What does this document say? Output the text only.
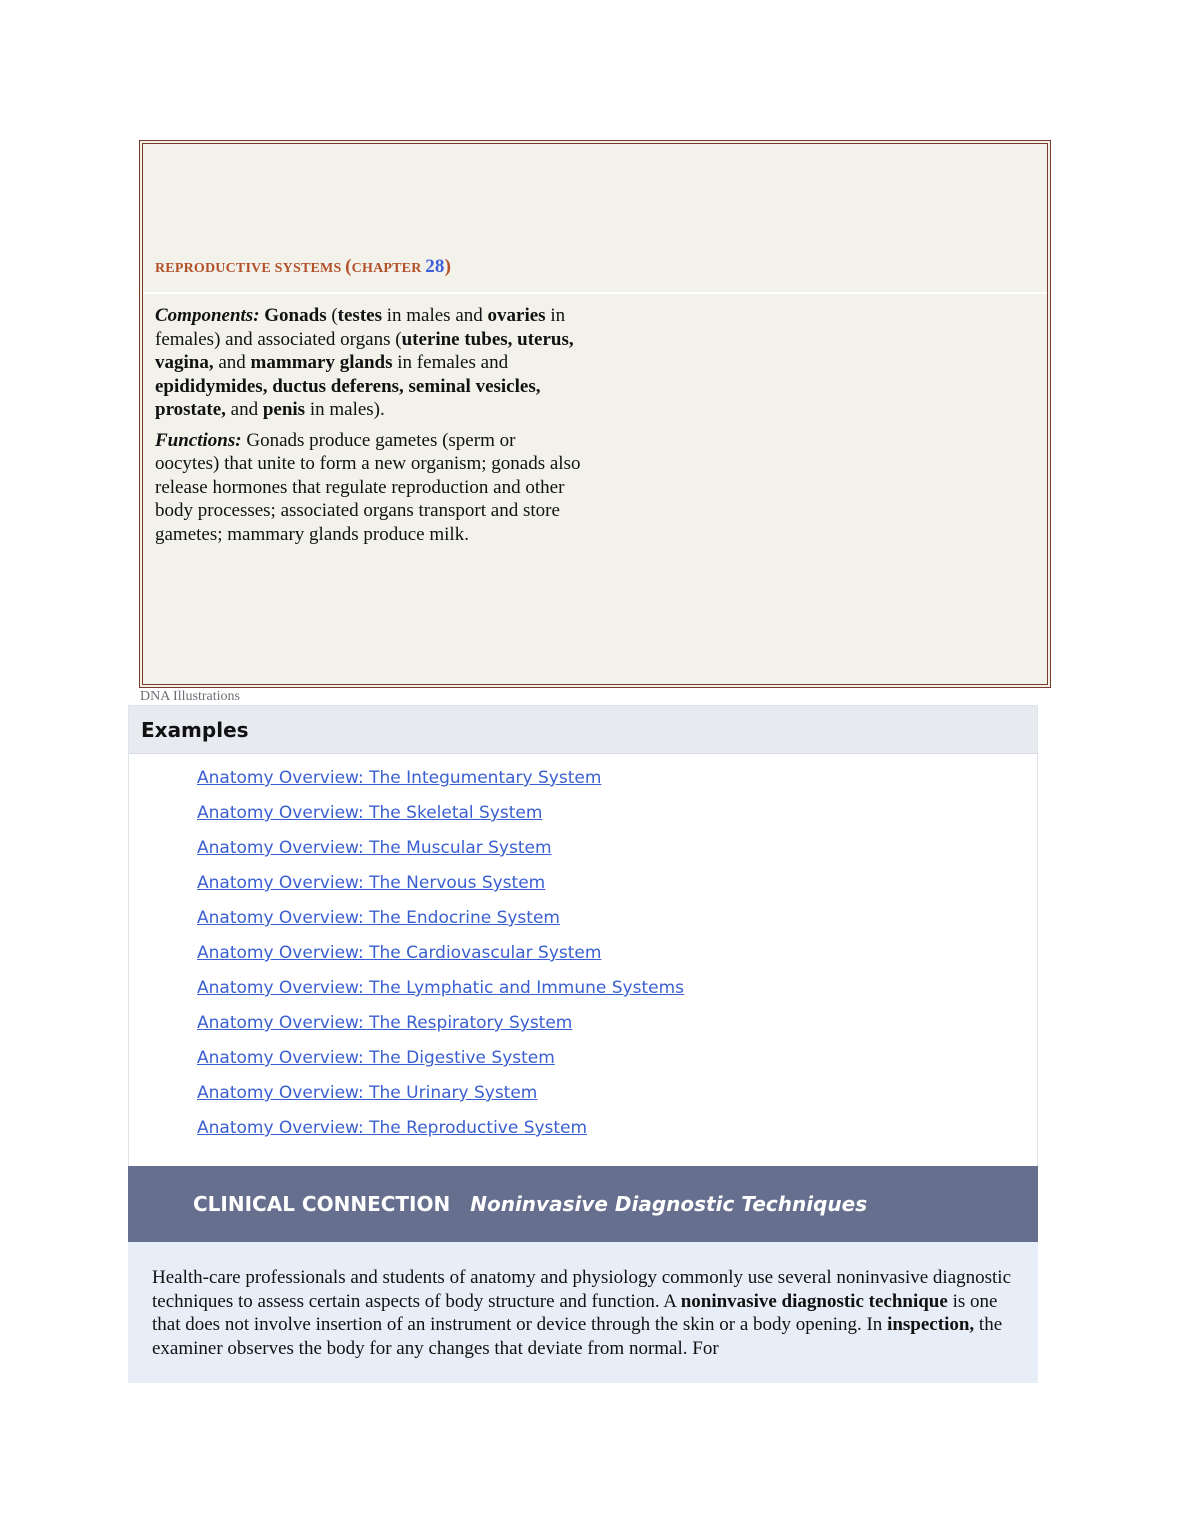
REPRODUCTIVE SYSTEMS (CHAPTER 28)

Components: Gonads (testes in males and ovaries in females) and associated organs (uterine tubes, uterus, vagina, and mammary glands in females and epididymides, ductus deferens, seminal vesicles, prostate, and penis in males).

Functions: Gonads produce gametes (sperm or oocytes) that unite to form a new organism; gonads also release hormones that regulate reproduction and other body processes; associated organs transport and store gametes; mammary glands produce milk.

DNA Illustrations
Examples
Anatomy Overview: The Integumentary System
Anatomy Overview: The Skeletal System
Anatomy Overview: The Muscular System
Anatomy Overview: The Nervous System
Anatomy Overview: The Endocrine System
Anatomy Overview: The Cardiovascular System
Anatomy Overview: The Lymphatic and Immune Systems
Anatomy Overview: The Respiratory System
Anatomy Overview: The Digestive System
Anatomy Overview: The Urinary System
Anatomy Overview: The Reproductive System
CLINICAL CONNECTION Noninvasive Diagnostic Techniques

Health-care professionals and students of anatomy and physiology commonly use several noninvasive diagnostic techniques to assess certain aspects of body structure and function. A noninvasive diagnostic technique is one that does not involve insertion of an instrument or device through the skin or a body opening. In inspection, the examiner observes the body for any changes that deviate from normal. For
